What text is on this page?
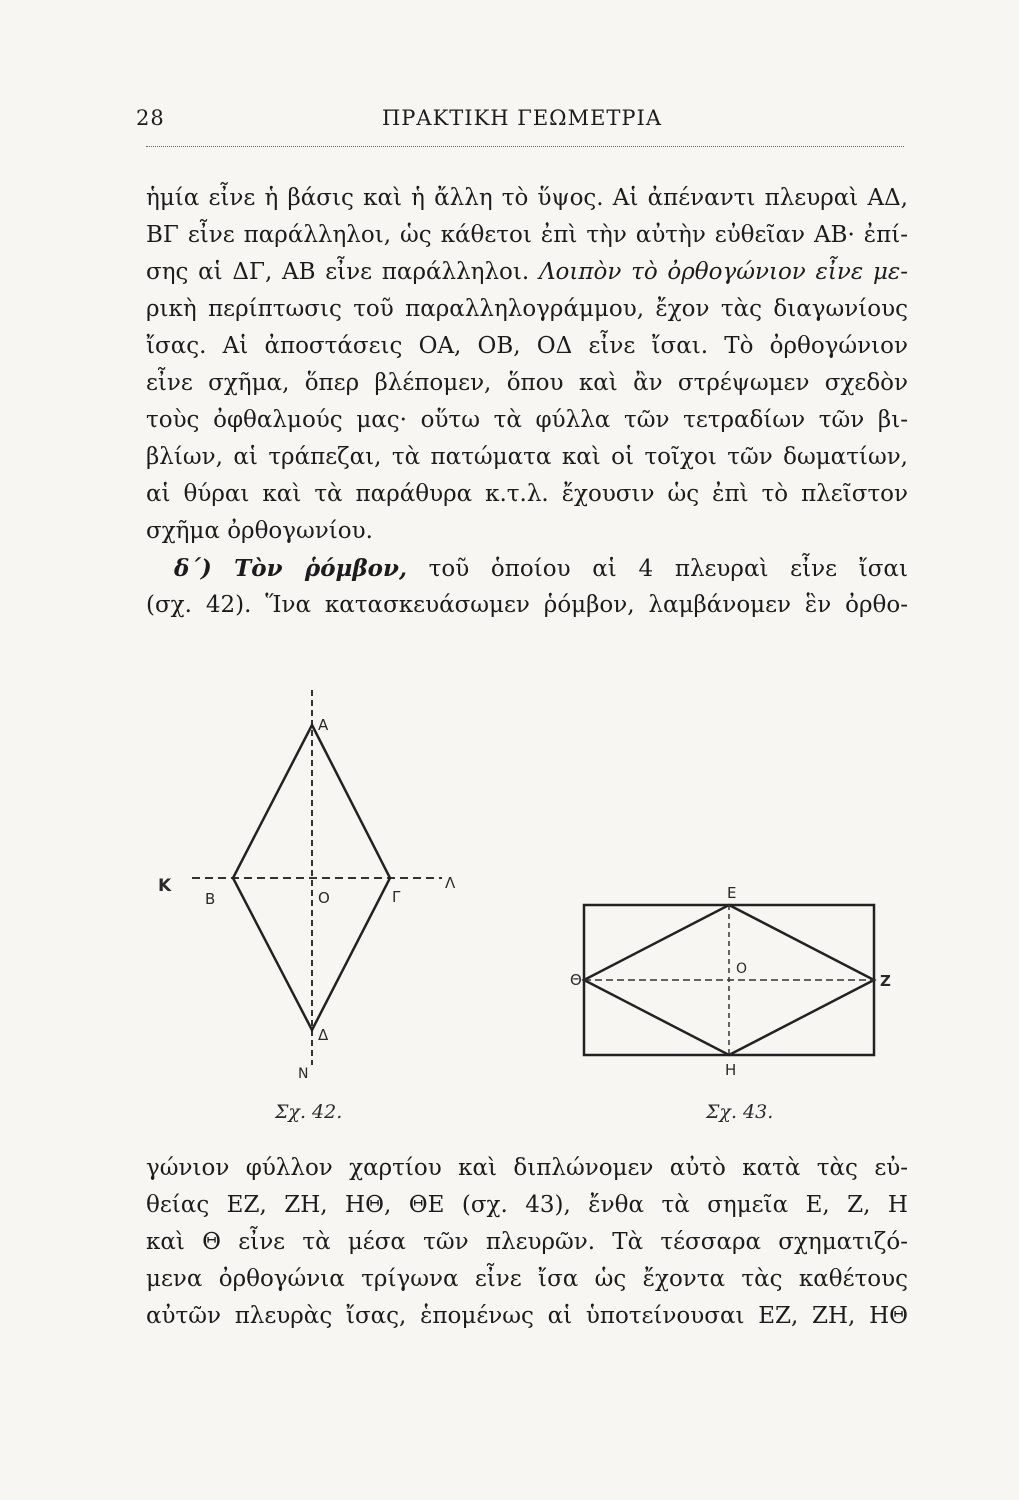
28	ΠΡΑΚΤΙΚΗ ΓΕΩΜΕΤΡΙΑ
ἡμία εἶνε ἡ βάσις καὶ ἡ ἄλλη τὸ ὕψος. Αἱ ἀπέναντι πλευραὶ ΑΔ,
ΒΓ εἶνε παράλληλοι, ὡς κάθετοι ἐπὶ τὴν αὐτὴν εὐθεῖαν ΑΒ· ἐπί-
σης αἱ ΔΓ, ΑΒ εἶνε παράλληλοι. Λοιπὸν τὸ ὀρθογώνιον εἶνε με-
ρικὴ περίπτωσις τοῦ παραλληλογράμμου, ἔχον τὰς διαγωνίους
ἴσας. Αἱ ἀποστάσεις ΟΑ, ΟΒ, ΟΔ εἶνε ἴσαι. Τὸ ὀρθογώνιον
εἶνε σχῆμα, ὅπερ βλέπομεν, ὅπου καὶ ἂν στρέψωμεν σχεδὸν
τοὺς ὀφθαλμούς μας· οὕτω τὰ φύλλα τῶν τετραδίων τῶν βι-
βλίων, αἱ τράπεζαι, τὰ πατώματα καὶ οἱ τοῖχοι τῶν δωματίων,
αἱ θύραι καὶ τὰ παράθυρα κ.τ.λ. ἔχουσιν ὡς ἐπὶ τὸ πλεῖστον
σχῆμα ὀρθογωνίου.
δ΄) Τὸν ῥόμβον, τοῦ ὁποίου αἱ 4 πλευραὶ εἶνε ἴσαι
(σχ. 42). Ἵνα κατασκευάσωμεν ῥόμβον, λαμβάνομεν ἓν ὀρθο-
Α
Κ
Β	Ο	Γ
Λ
Δ
Ν
Σχ. 42.
Ε
Ο
Θ	Ζ
Η
Σχ. 43.
γώνιον φύλλον χαρτίου καὶ διπλώνομεν αὐτὸ κατὰ τὰς εὐ-
θείας ΕΖ, ΖΗ, ΗΘ, ΘΕ (σχ. 43), ἔνθα τὰ σημεῖα Ε, Ζ, Η
καὶ Θ εἶνε τὰ μέσα τῶν πλευρῶν. Τὰ τέσσαρα σχηματιζό-
μενα ὀρθογώνια τρίγωνα εἶνε ἴσα ὡς ἔχοντα τὰς καθέτους
αὐτῶν πλευρὰς ἴσας, ἑπομένως αἱ ὑποτείνουσαι ΕΖ, ΖΗ, ΗΘ
